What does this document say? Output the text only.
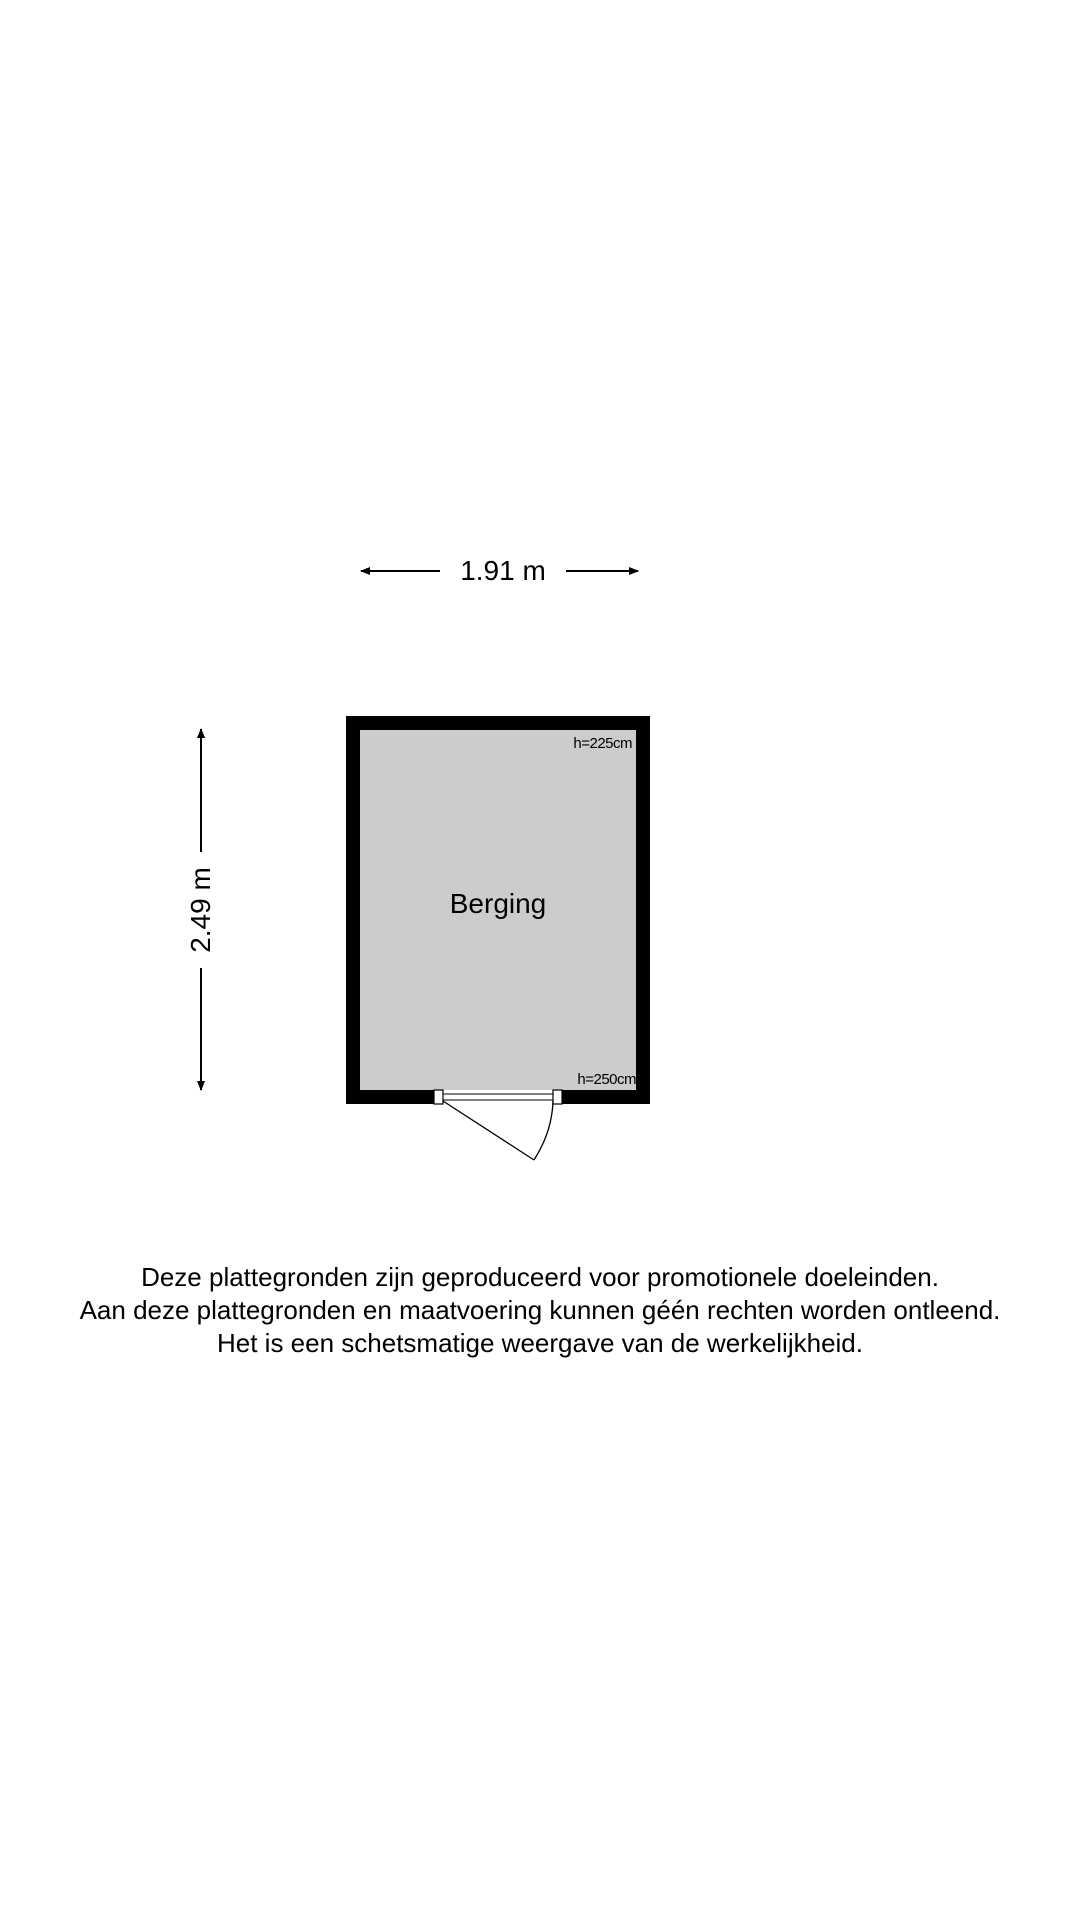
1.91 m
2.49 m	Berging
h=225cm
h=250cm
Deze plattegronden zijn geproduceerd voor promotionele doeleinden.
Aan deze plattegronden en maatvoering kunnen géén rechten worden ontleend.
Het is een schetsmatige weergave van de werkelijkheid.
